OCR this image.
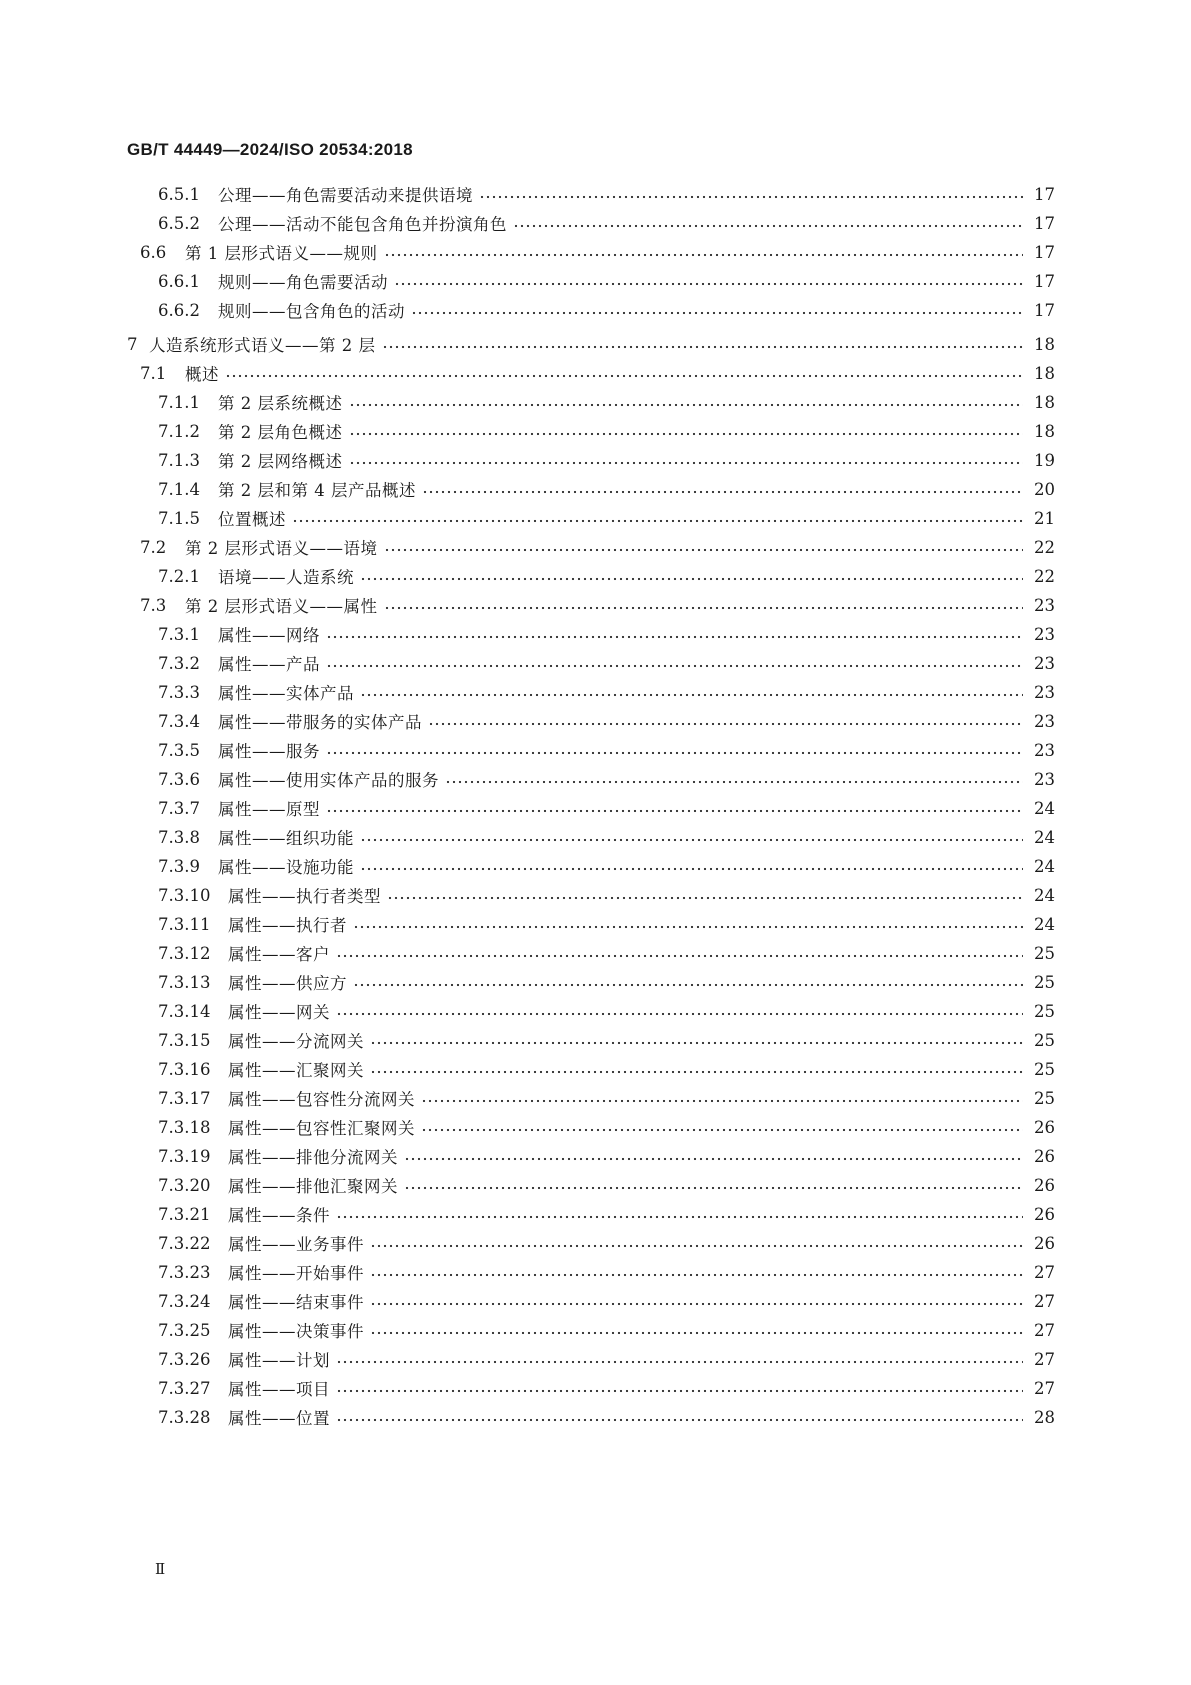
GB/T 44449—2024/ISO 20534:2018
6.5.1	公理——角色需要活动来提供语境	17
6.5.2	公理——活动不能包含角色并扮演角色	17
6.6	第 1 层形式语义——规则	17
6.6.1	规则——角色需要活动	17
6.6.2	规则——包含角色的活动	17
7 人造系统形式语义——第 2 层	18
7.1	概述	18
7.1.1	第 2 层系统概述	18
7.1.2	第 2 层角色概述	18
7.1.3	第 2 层网络概述	19
7.1.4	第 2 层和第 4 层产品概述	20
7.1.5	位置概述	21
7.2	第 2 层形式语义——语境	22
7.2.1	语境——人造系统	22
7.3	第 2 层形式语义——属性	23
7.3.1	属性——网络	23
7.3.2	属性——产品	23
7.3.3	属性——实体产品	23
7.3.4	属性——带服务的实体产品	23
7.3.5	属性——服务	23
7.3.6	属性——使用实体产品的服务	23
7.3.7	属性——原型	24
7.3.8	属性——组织功能	24
7.3.9	属性——设施功能	24
7.3.10	属性——执行者类型	24
7.3.11	属性——执行者	24
7.3.12	属性——客户	25
7.3.13	属性——供应方	25
7.3.14	属性——网关	25
7.3.15	属性——分流网关	25
7.3.16	属性——汇聚网关	25
7.3.17	属性——包容性分流网关	25
7.3.18	属性——包容性汇聚网关	26
7.3.19	属性——排他分流网关	26
7.3.20	属性——排他汇聚网关	26
7.3.21	属性——条件	26
7.3.22	属性——业务事件	26
7.3.23	属性——开始事件	27
7.3.24	属性——结束事件	27
7.3.25	属性——决策事件	27
7.3.26	属性——计划	27
7.3.27	属性——项目	27
7.3.28	属性——位置	28
Ⅱ
